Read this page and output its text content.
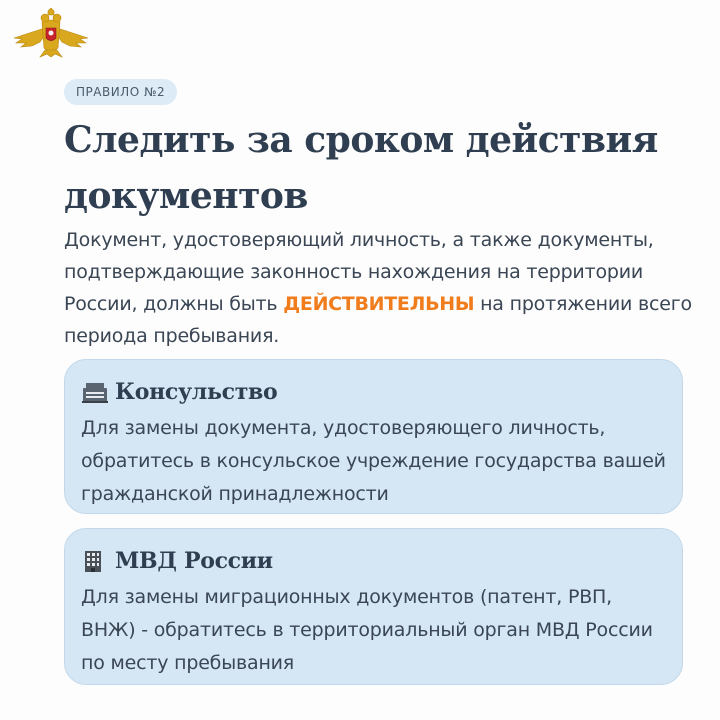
ПРАВИЛО №2
Следить за сроком действия документов
Документ, удостоверяющий личность, а также документы, подтверждающие законность нахождения на территории России, должны быть ДЕЙСТВИТЕЛЬНЫ на протяжении всего периода пребывания.
Консульство
Для замены документа, удостоверяющего личность, обратитесь в консульское учреждение государства вашей гражданской принадлежности
МВД России
Для замены миграционных документов (патент, РВП, ВНЖ) - обратитесь в территориальный орган МВД России по месту пребывания
